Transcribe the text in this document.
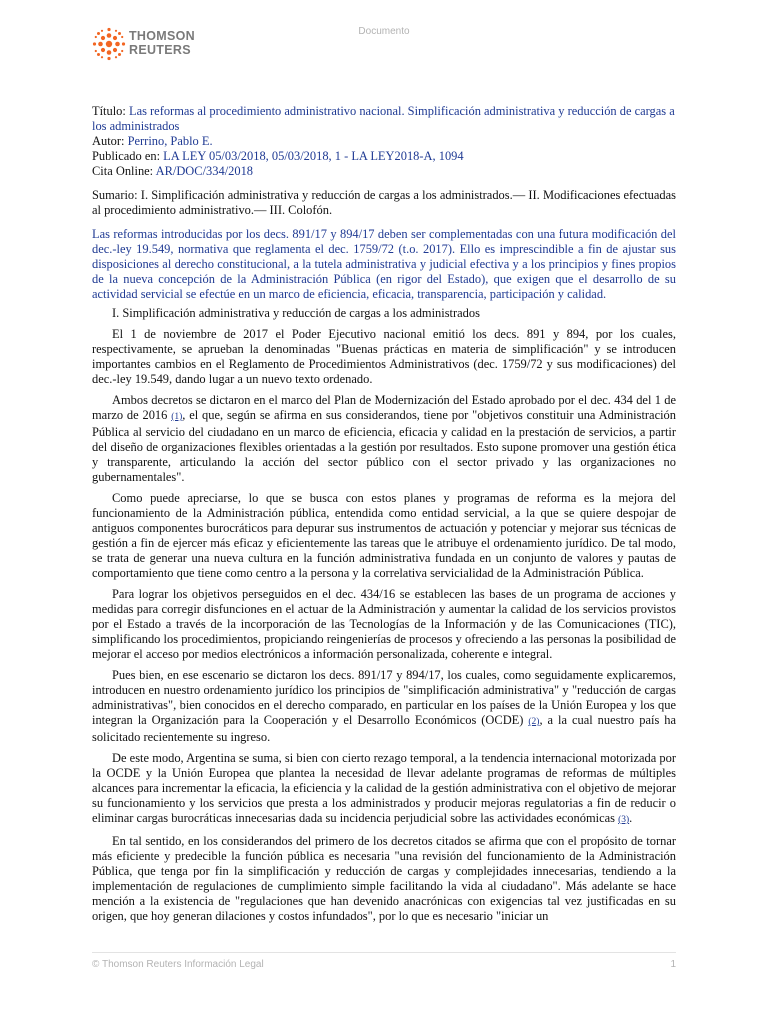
THOMSON
REUTERS
Documento

Título: Las reformas al procedimiento administrativo nacional. Simplificación administrativa y reducción de cargas a los administrados

Autor: Perrino, Pablo E.

Publicado en: LA LEY 05/03/2018, 05/03/2018, 1 - LA LEY2018-A, 1094

Cita Online: AR/DOC/334/2018

Sumario: I. Simplificación administrativa y reducción de cargas a los administrados.— II. Modificaciones efectuadas al procedimiento administrativo.— III. Colofón.
Las reformas introducidas por los decs. 891/17 y 894/17 deben ser complementadas con una futura modificación del dec.-ley 19.549, normativa que reglamenta el dec. 1759/72 (t.o. 2017). Ello es imprescindible a fin de ajustar sus disposiciones al derecho constitucional, a la tutela administrativa y judicial efectiva y a los principios y fines propios de la nueva concepción de la Administración Pública (en rigor del Estado), que exigen que el desarrollo de su actividad servicial se efectúe en un marco de eficiencia, eficacia, transparencia, participación y calidad.

I. Simplificación administrativa y reducción de cargas a los administrados

El 1 de noviembre de 2017 el Poder Ejecutivo nacional emitió los decs. 891 y 894, por los cuales, respectivamente, se aprueban la denominadas "Buenas prácticas en materia de simplificación" y se introducen importantes cambios en el Reglamento de Procedimientos Administrativos (dec. 1759/72 y sus modificaciones) del dec.-ley 19.549, dando lugar a un nuevo texto ordenado.

Ambos decretos se dictaron en el marco del Plan de Modernización del Estado aprobado por el dec. 434 del 1 de marzo de 2016 (1), el que, según se afirma en sus considerandos, tiene por "objetivos constituir una Administración Pública al servicio del ciudadano en un marco de eficiencia, eficacia y calidad en la prestación de servicios, a partir del diseño de organizaciones flexibles orientadas a la gestión por resultados. Esto supone promover una gestión ética y transparente, articulando la acción del sector público con el sector privado y las organizaciones no gubernamentales".

Como puede apreciarse, lo que se busca con estos planes y programas de reforma es la mejora del funcionamiento de la Administración pública, entendida como entidad servicial, a la que se quiere despojar de antiguos componentes burocráticos para depurar sus instrumentos de actuación y potenciar y mejorar sus técnicas de gestión a fin de ejercer más eficaz y eficientemente las tareas que le atribuye el ordenamiento jurídico. De tal modo, se trata de generar una nueva cultura en la función administrativa fundada en un conjunto de valores y pautas de comportamiento que tiene como centro a la persona y la correlativa servicialidad de la Administración Pública.

Para lograr los objetivos perseguidos en el dec. 434/16 se establecen las bases de un programa de acciones y medidas para corregir disfunciones en el actuar de la Administración y aumentar la calidad de los servicios provistos por el Estado a través de la incorporación de las Tecnologías de la Información y de las Comunicaciones (TIC), simplificando los procedimientos, propiciando reingenierías de procesos y ofreciendo a las personas la posibilidad de mejorar el acceso por medios electrónicos a información personalizada, coherente e integral.

Pues bien, en ese escenario se dictaron los decs. 891/17 y 894/17, los cuales, como seguidamente explicaremos, introducen en nuestro ordenamiento jurídico los principios de "simplificación administrativa" y "reducción de cargas administrativas", bien conocidos en el derecho comparado, en particular en los países de la Unión Europea y los que integran la Organización para la Cooperación y el Desarrollo Económicos (OCDE) (2), a la cual nuestro país ha solicitado recientemente su ingreso.

De este modo, Argentina se suma, si bien con cierto rezago temporal, a la tendencia internacional motorizada por la OCDE y la Unión Europea que plantea la necesidad de llevar adelante programas de reformas de múltiples alcances para incrementar la eficacia, la eficiencia y la calidad de la gestión administrativa con el objetivo de mejorar su funcionamiento y los servicios que presta a los administrados y producir mejoras regulatorias a fin de reducir o eliminar cargas burocráticas innecesarias dada su incidencia perjudicial sobre las actividades económicas (3).

En tal sentido, en los considerandos del primero de los decretos citados se afirma que con el propósito de tornar más eficiente y predecible la función pública es necesaria "una revisión del funcionamiento de la Administración Pública, que tenga por fin la simplificación y reducción de cargas y complejidades innecesarias, tendiendo a la implementación de regulaciones de cumplimiento simple facilitando la vida al ciudadano". Más adelante se hace mención a la existencia de "regulaciones que han devenido anacrónicas con exigencias tal vez justificadas en su origen, que hoy generan dilaciones y costos infundados", por lo que es necesario "iniciar un

© Thomson Reuters Información Legal	1
